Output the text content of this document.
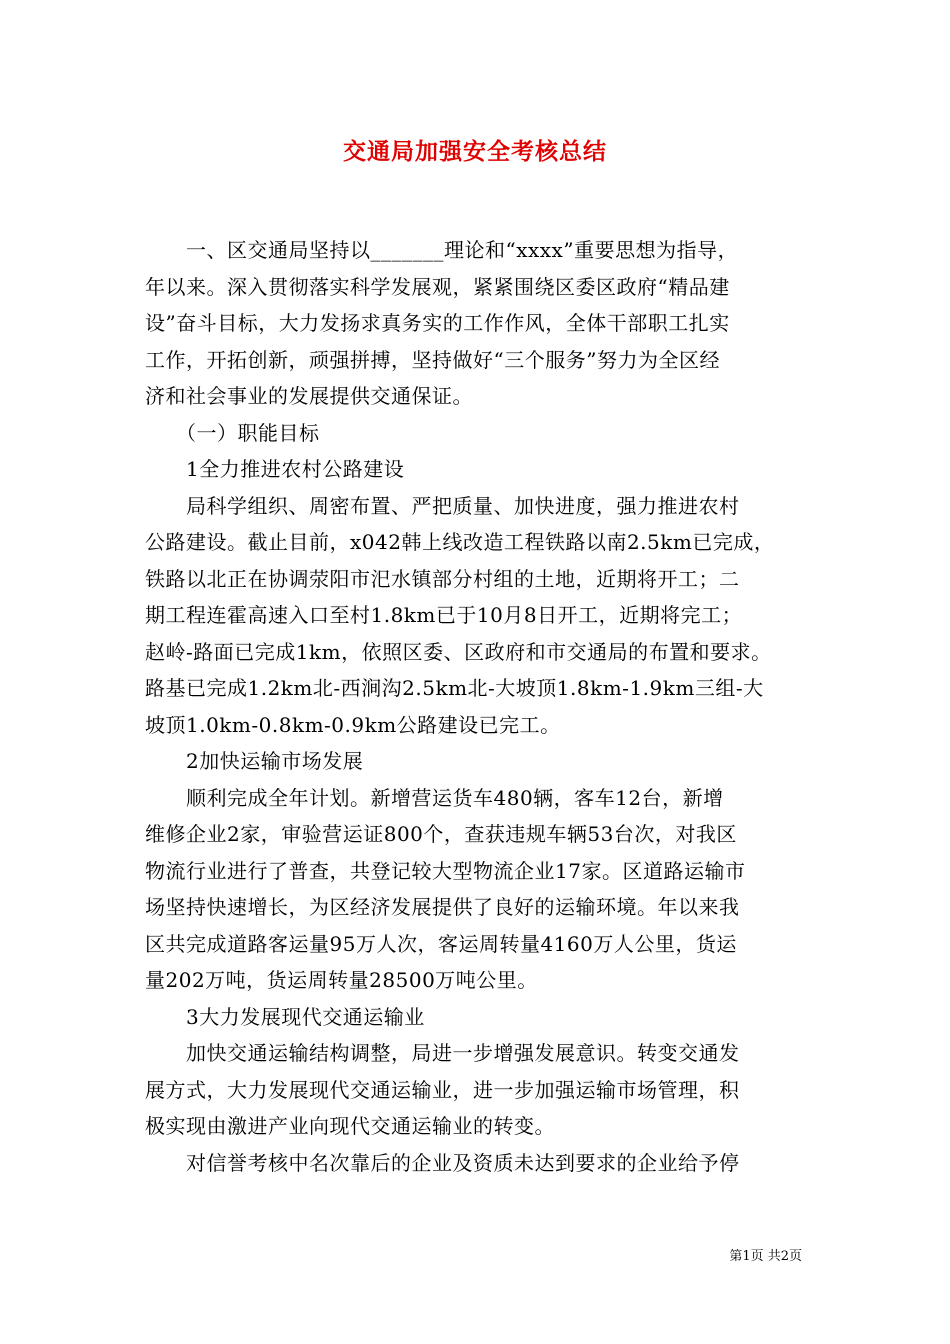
交通局加强安全考核总结
　　一、区交通局坚持以_______理论和“xxxx”重要思想为指导，
年以来。深入贯彻落实科学发展观，紧紧围绕区委区政府“精品建
设”奋斗目标，大力发扬求真务实的工作作风，全体干部职工扎实
工作，开拓创新，顽强拼搏，坚持做好“三个服务”努力为全区经
济和社会事业的发展提供交通保证。
　　（一）职能目标
　　1全力推进农村公路建设
　　局科学组织、周密布置、严把质量、加快进度，强力推进农村
公路建设。截止目前，x042韩上线改造工程铁路以南2.5km已完成，
铁路以北正在协调荥阳市汜水镇部分村组的土地，近期将开工；二
期工程连霍高速入口至村1.8km已于10月8日开工，近期将完工；
赵岭-路面已完成1km，依照区委、区政府和市交通局的布置和要求。
路基已完成1.2km北-西涧沟2.5km北-大坡顶1.8km-1.9km三组-大
坡顶1.0km-0.8km-0.9km公路建设已完工。
　　2加快运输市场发展
　　顺利完成全年计划。新增营运货车480辆，客车12台，新增
维修企业2家，审验营运证800个，查获违规车辆53台次，对我区
物流行业进行了普查，共登记较大型物流企业17家。区道路运输市
场坚持快速增长，为区经济发展提供了良好的运输环境。年以来我
区共完成道路客运量95万人次，客运周转量4160万人公里，货运
量202万吨，货运周转量28500万吨公里。
　　3大力发展现代交通运输业
　　加快交通运输结构调整，局进一步增强发展意识。转变交通发
展方式，大力发展现代交通运输业，进一步加强运输市场管理，积
极实现由激进产业向现代交通运输业的转变。
　　对信誉考核中名次靠后的企业及资质未达到要求的企业给予停
第1页 共2页
